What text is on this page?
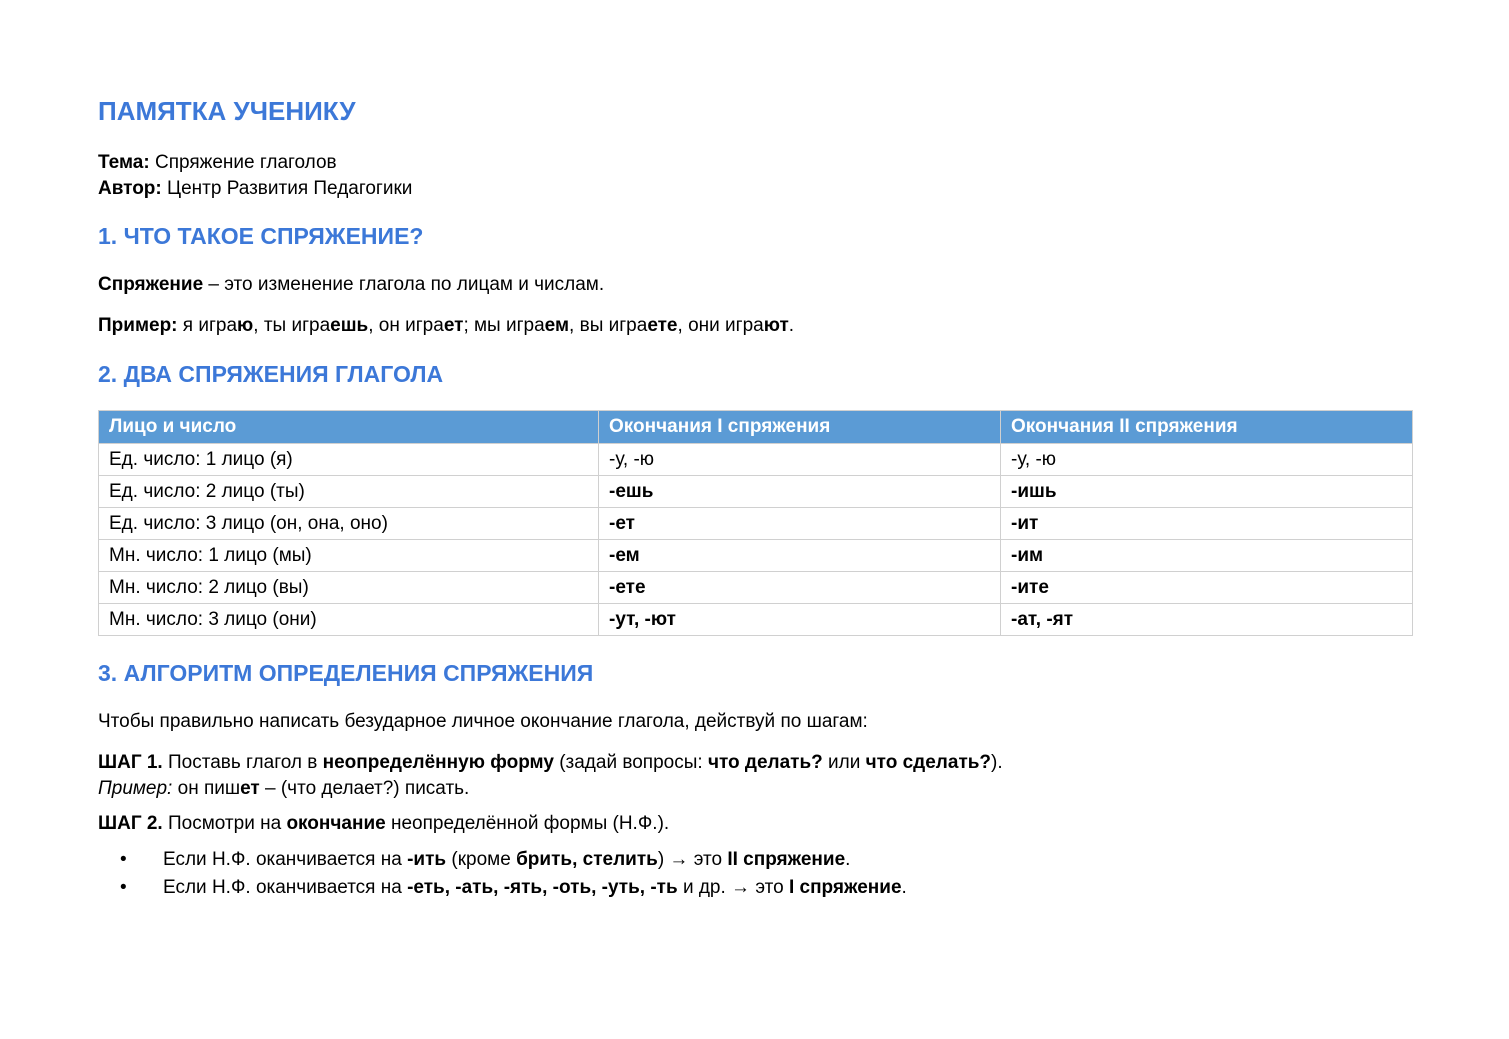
ПАМЯТКА УЧЕНИКУ
Тема: Спряжение глаголов
Автор: Центр Развития Педагогики
1. ЧТО ТАКОЕ СПРЯЖЕНИЕ?
Спряжение – это изменение глагола по лицам и числам.
Пример: я играю, ты играешь, он играет; мы играем, вы играете, они играют.
2. ДВА СПРЯЖЕНИЯ ГЛАГОЛА
Лицо и число	Окончания I спряжения	Окончания II спряжения
Ед. число: 1 лицо (я)	-у, -ю	-у, -ю
Ед. число: 2 лицо (ты)	-ешь	-ишь
Ед. число: 3 лицо (он, она, оно)	-ет	-ит
Мн. число: 1 лицо (мы)	-ем	-им
Мн. число: 2 лицо (вы)	-ете	-ите
Мн. число: 3 лицо (они)	-ут, -ют	-ат, -ят
3. АЛГОРИТМ ОПРЕДЕЛЕНИЯ СПРЯЖЕНИЯ
Чтобы правильно написать безударное личное окончание глагола, действуй по шагам:
ШАГ 1. Поставь глагол в неопределённую форму (задай вопросы: что делать? или что сделать?).
Пример: он пишет – (что делает?) писать.
ШАГ 2. Посмотри на окончание неопределённой формы (Н.Ф.).
• Если Н.Ф. оканчивается на -ить (кроме брить, стелить) → это II спряжение.
• Если Н.Ф. оканчивается на -еть, -ать, -ять, -оть, -уть, -ть и др. → это I спряжение.
